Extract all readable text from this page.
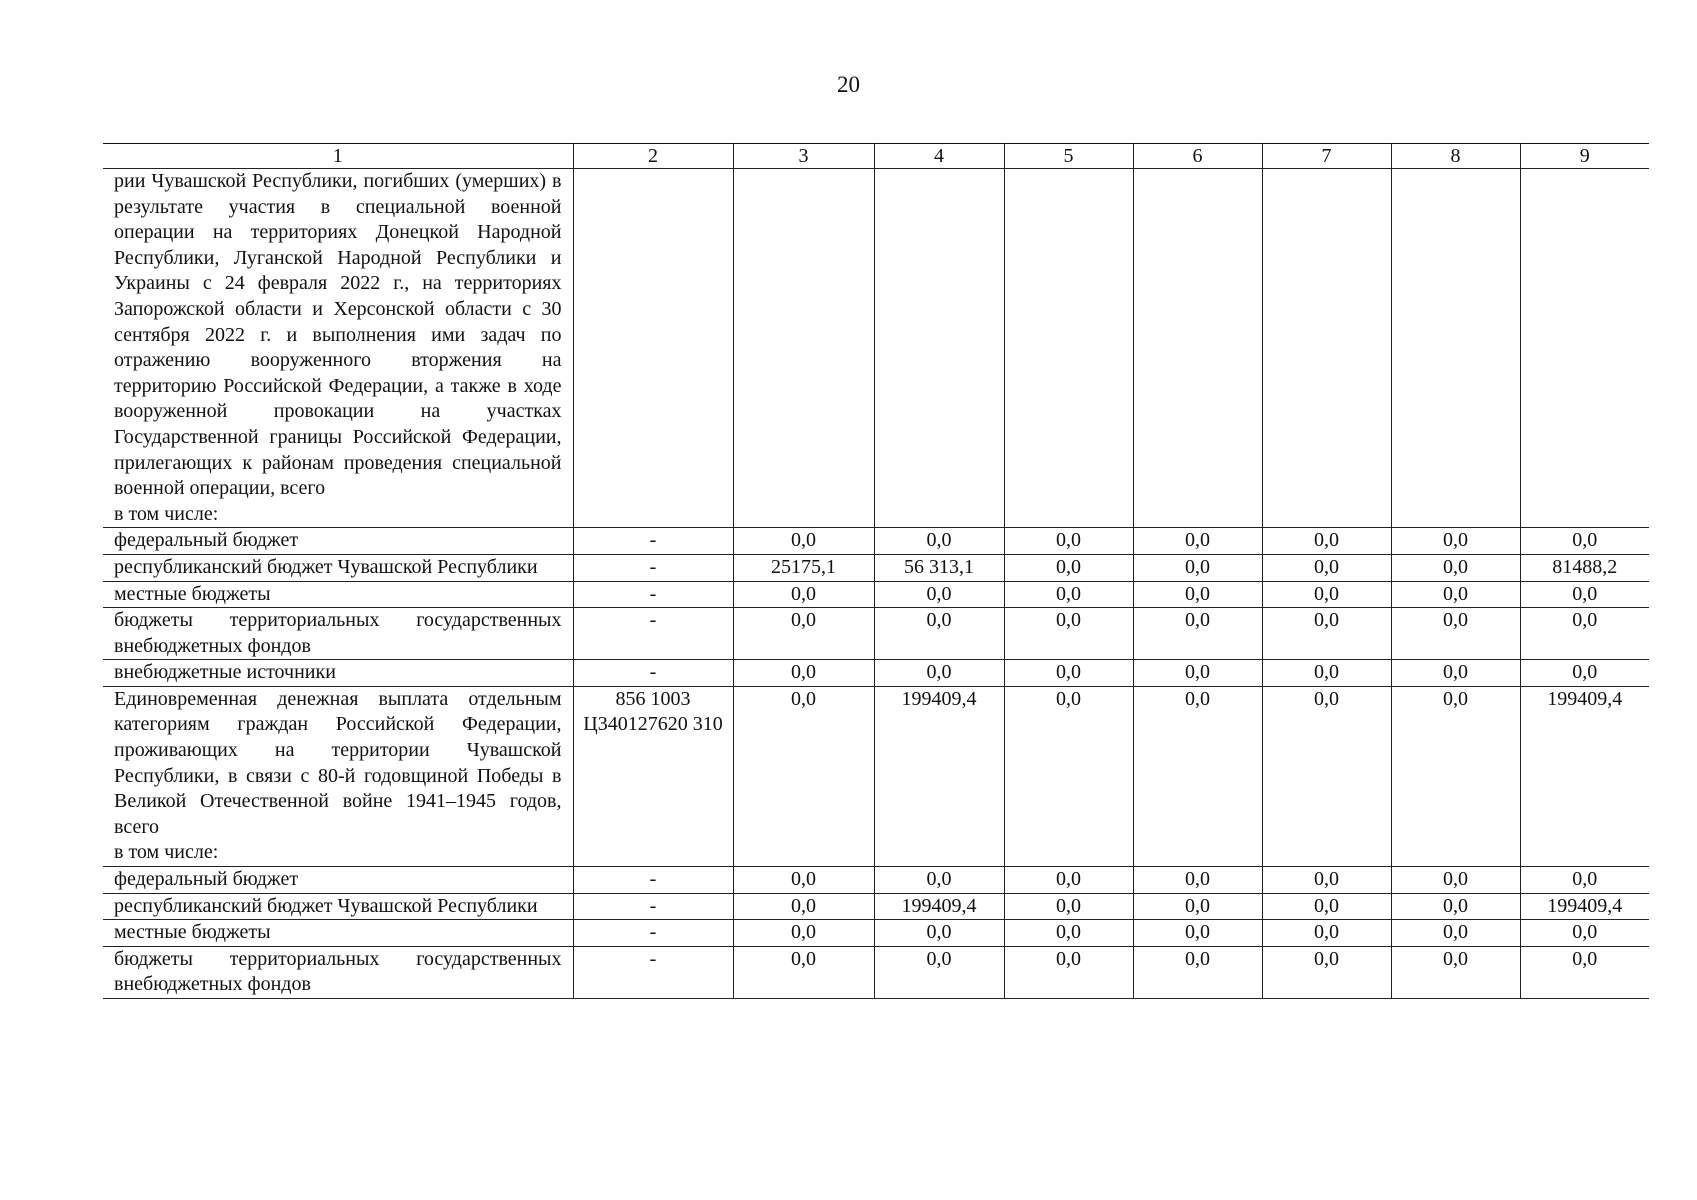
20
1	2	3	4	5	6	7	8	9

рии Чувашской Республики, погибших (умерших) в результате участия в специальной военной операции на территориях Донецкой Народной Республики, Луганской Народной Республики и Украины с 24 февраля 2022 г., на территориях Запорожской области и Херсонской области с 30 сентября 2022 г. и выполнения ими задач по отражению вооруженного вторжения на территорию Российской Федерации, а также в ходе вооруженной провокации на участках Государственной границы Российской Федерации, прилегающих к районам проведения специальной военной операции, всего
в том числе:								

федеральный бюджет	-	0,0	0,0	0,0	0,0	0,0	0,0	0,0
республиканский бюджет Чувашской Республики	-	25175,1	56 313,1	0,0	0,0	0,0	0,0	81488,2
местные бюджеты	-	0,0	0,0	0,0	0,0	0,0	0,0	0,0
бюджеты территориальных государственных внебюджетных фондов	-	0,0	0,0	0,0	0,0	0,0	0,0	0,0
внебюджетные источники	-	0,0	0,0	0,0	0,0	0,0	0,0	0,0

Единовременная денежная выплата отдельным категориям граждан Российской Федерации, проживающих на территории Чувашской Республики, в связи с 80-й годовщиной Победы в Великой Отечественной войне 1941–1945 годов, всего
в том числе:	856 1003 Ц340127620 310	0,0	199409,4	0,0	0,0	0,0	0,0	199409,4
федеральный бюджет	-	0,0	0,0	0,0	0,0	0,0	0,0	0,0
республиканский бюджет Чувашской Республики	-	0,0	199409,4	0,0	0,0	0,0	0,0	199409,4
местные бюджеты	-	0,0	0,0	0,0	0,0	0,0	0,0	0,0
бюджеты территориальных государственных внебюджетных фондов	-	0,0	0,0	0,0	0,0	0,0	0,0	0,0
